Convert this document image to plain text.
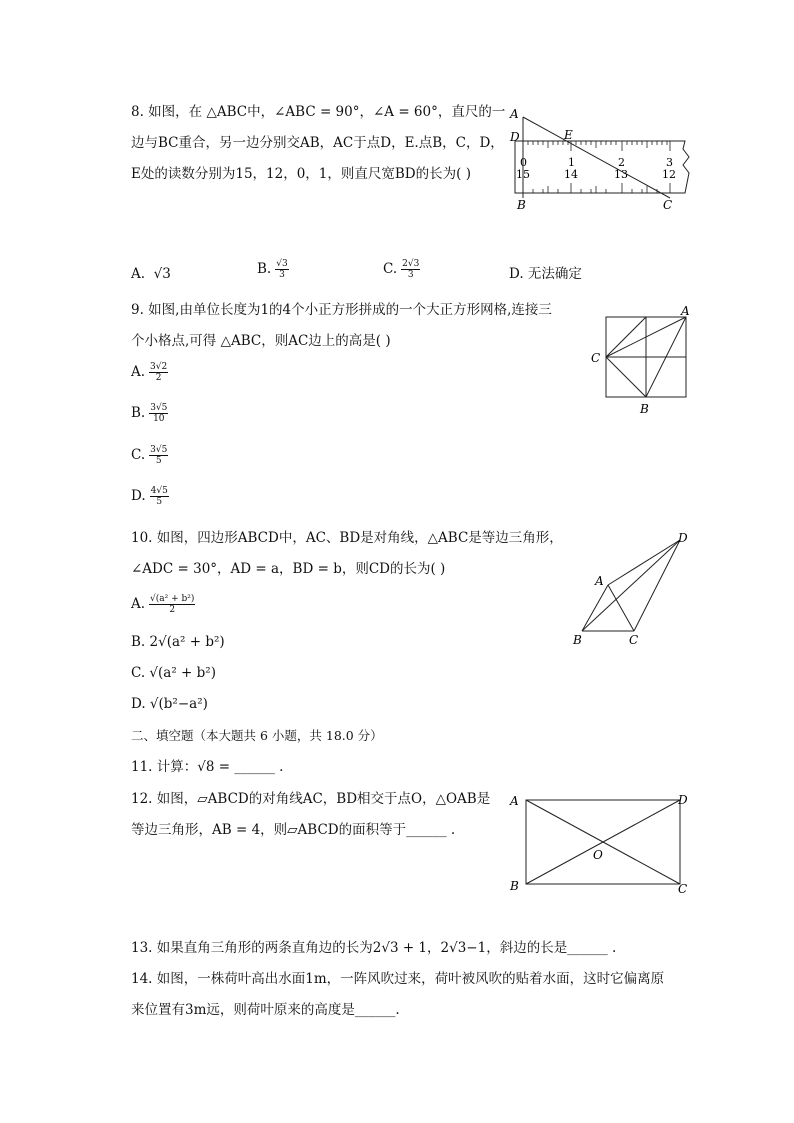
8. 如图，在 △ABC中，∠ABC = 90°，∠A = 60°，直尺的一
边与BC重合，另一边分别交AB，AC于点D，E.点B，C，D，
E处的读数分别为15，12，0，1，则直尺宽BD的长为( )
0	1	2	3
15	14	13	12
A
D	E
B	C
A. √3	B. $\frac{√3}{3}$	C. $\frac{2√3}{3}$	D. 无法确定
9. 如图,由单位长度为1的4个小正方形拼成的一个大正方形网格,连接三
个小格点,可得 △ABC，则AC边上的高是( )
A
C
B
A. $\frac{3√2}{2}$
B. $\frac{3√5}{10}$
C. $\frac{3√5}{5}$
D. $\frac{4√5}{5}$
10. 如图，四边形ABCD中，AC、BD是对角线，△ABC是等边三角形，
∠ADC = 30°，AD = a，BD = b，则CD的长为( )
D
A
B	C
A. $\frac{\text{√(a² + b²)}}{2}$
B. 2√(a² + b²)
C. √(a² + b²)
D. √(b²−a²)
二、填空题（本大题共 6 小题，共 18.0 分）
11. 计算：√8 = ______ .
12. 如图，▱ABCD的对角线AC，BD相交于点O，△OAB是
等边三角形，AB = 4，则▱ABCD的面积等于______ .
A	D
B	C
O
13. 如果直角三角形的两条直角边的长为2√3 + 1，2√3−1，斜边的长是______ .
14. 如图，一株荷叶高出水面1m，一阵风吹过来，荷叶被风吹的贴着水面，这时它偏离原
来位置有3m远，则荷叶原来的高度是______.
